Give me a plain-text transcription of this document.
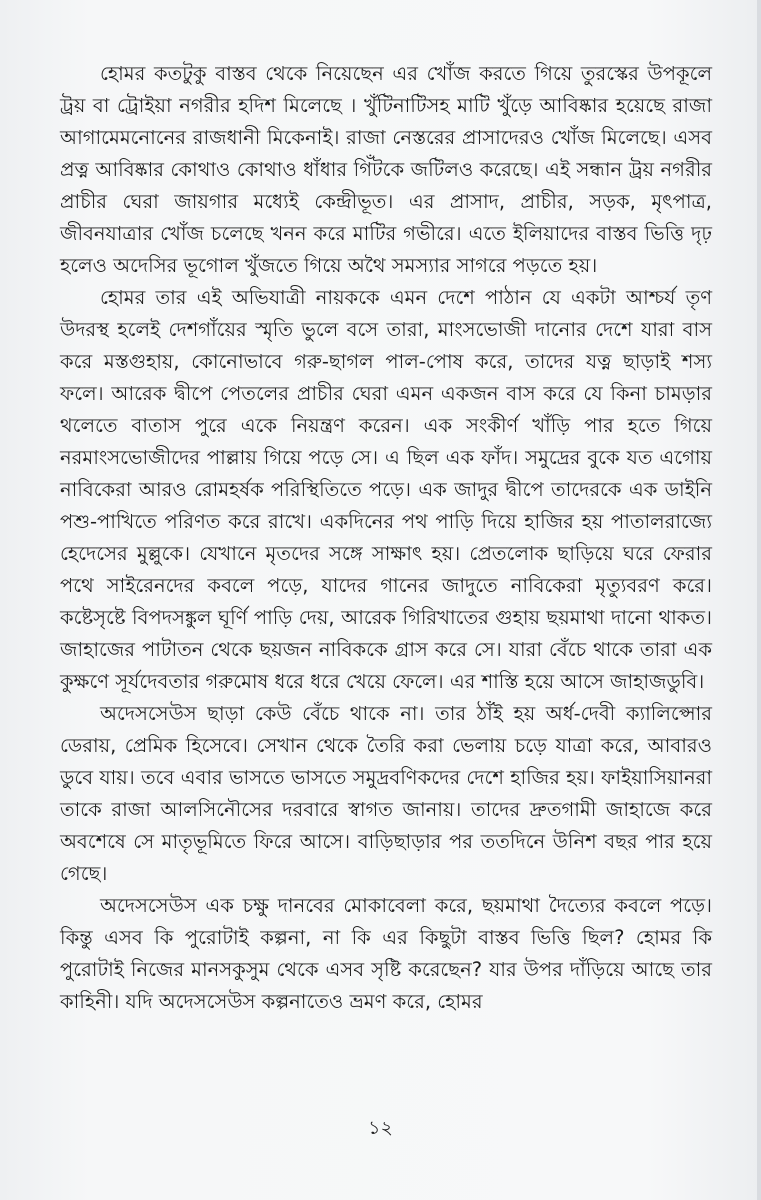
হোমর কতটুকু বাস্তব থেকে নিয়েছেন এর খোঁজ করতে গিয়ে তুরস্কের উপকূলে ট্রয় বা ট্রোইয়া নগরীর হদিশ মিলেছে । খুঁটিনাটিসহ মাটি খুঁড়ে আবিষ্কার হয়েছে রাজা আগামেমনোনের রাজধানী মিকেনাই। রাজা নেস্তরের প্রাসাদেরও খোঁজ মিলেছে। এসব প্রত্ন আবিষ্কার কোথাও কোথাও ধাঁধার গিঁটকে জটিলও করেছে। এই সন্ধান ট্রয় নগরীর প্রাচীর ঘেরা জায়গার মধ্যেই কেন্দ্রীভূত। এর প্রাসাদ, প্রাচীর, সড়ক, মৃৎপাত্র, জীবনযাত্রার খোঁজ চলেছে খনন করে মাটির গভীরে। এতে ইলিয়াদের বাস্তব ভিত্তি দৃঢ় হলেও অদেসির ভূগোল খুঁজতে গিয়ে অথৈ সমস্যার সাগরে পড়তে হয়।

হোমর তার এই অভিযাত্রী নায়ককে এমন দেশে পাঠান যে একটা আশ্চর্য তৃণ উদরস্থ হলেই দেশগাঁয়ের স্মৃতি ভুলে বসে তারা, মাংসভোজী দানোর দেশে যারা বাস করে মস্তগুহায়, কোনোভাবে গরু-ছাগল পাল-পোষ করে, তাদের যত্ন ছাড়াই শস্য ফলে। আরেক দ্বীপে পেতলের প্রাচীর ঘেরা এমন একজন বাস করে যে কিনা চামড়ার থলেতে বাতাস পুরে একে নিয়ন্ত্রণ করেন। এক সংকীর্ণ খাঁড়ি পার হতে গিয়ে নরমাংসভোজীদের পাল্লায় গিয়ে পড়ে সে। এ ছিল এক ফাঁদ। সমুদ্রের বুকে যত এগোয় নাবিকেরা আরও রোমহর্ষক পরিস্থিতিতে পড়ে। এক জাদুর দ্বীপে তাদেরকে এক ডাইনি পশু-পাখিতে পরিণত করে রাখে। একদিনের পথ পাড়ি দিয়ে হাজির হয় পাতালরাজ্যে হেদেসের মুল্লুকে। যেখানে মৃতদের সঙ্গে সাক্ষাৎ হয়। প্রেতলোক ছাড়িয়ে ঘরে ফেরার পথে সাইরেনদের কবলে পড়ে, যাদের গানের জাদুতে নাবিকেরা মৃত্যুবরণ করে। কষ্টেসৃষ্টে বিপদসঙ্কুল ঘূর্ণি পাড়ি দেয়, আরেক গিরিখাতের গুহায় ছয়মাথা দানো থাকত। জাহাজের পাটাতন থেকে ছয়জন নাবিককে গ্রাস করে সে। যারা বেঁচে থাকে তারা এক কুক্ষণে সূর্যদেবতার গরুমোষ ধরে ধরে খেয়ে ফেলে। এর শাস্তি হয়ে আসে জাহাজডুবি।

অদেসসেউস ছাড়া কেউ বেঁচে থাকে না। তার ঠাঁই হয় অর্ধ-দেবী ক্যালিপ্সোর ডেরায়, প্রেমিক হিসেবে। সেখান থেকে তৈরি করা ভেলায় চড়ে যাত্রা করে, আবারও ডুবে যায়। তবে এবার ভাসতে ভাসতে সমুদ্রবণিকদের দেশে হাজির হয়। ফাইয়াসিয়ানরা তাকে রাজা আলসিনৌসের দরবারে স্বাগত জানায়। তাদের দ্রুতগামী জাহাজে করে অবশেষে সে মাতৃভূমিতে ফিরে আসে। বাড়িছাড়ার পর ততদিনে উনিশ বছর পার হয়ে গেছে।

অদেসসেউস এক চক্ষু দানবের মোকাবেলা করে, ছয়মাথা দৈত্যের কবলে পড়ে। কিন্তু এসব কি পুরোটাই কল্পনা, না কি এর কিছুটা বাস্তব ভিত্তি ছিল? হোমর কি পুরোটাই নিজের মানসকুসুম থেকে এসব সৃষ্টি করেছেন? যার উপর দাঁড়িয়ে আছে তার কাহিনী। যদি অদেসসেউস কল্পনাতেও ভ্রমণ করে, হোমর

১২
